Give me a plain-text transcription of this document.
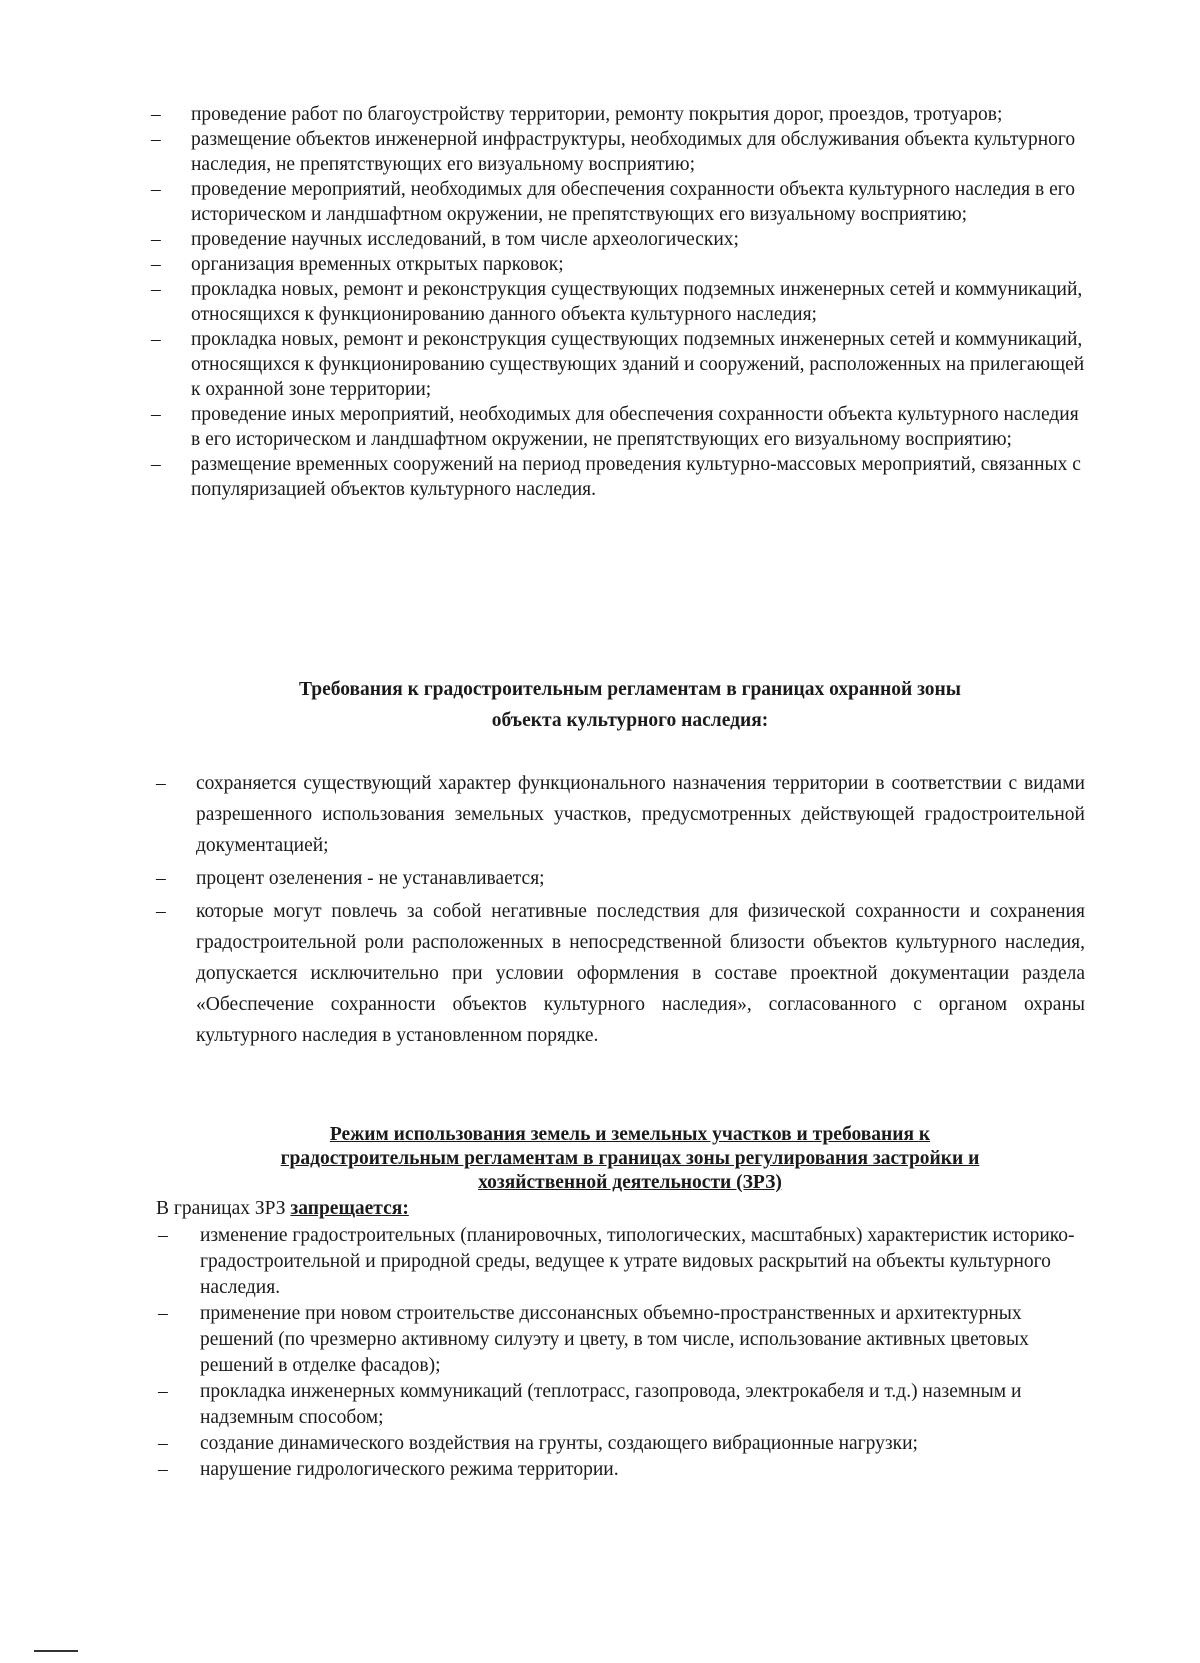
– проведение работ по благоустройству территории, ремонту покрытия дорог, проездов, тротуаров;
– размещение объектов инженерной инфраструктуры, необходимых для обслуживания объекта культурного наследия, не препятствующих его визуальному восприятию;
– проведение мероприятий, необходимых для обеспечения сохранности объекта культурного наследия в его историческом и ландшафтном окружении, не препятствующих его визуальному восприятию;
– проведение научных исследований, в том числе археологических;
– организация временных открытых парковок;
– прокладка новых, ремонт и реконструкция существующих подземных инженерных сетей и коммуникаций, относящихся к функционированию данного объекта культурного наследия;
– прокладка новых, ремонт и реконструкция существующих подземных инженерных сетей и коммуникаций, относящихся к функционированию существующих зданий и сооружений, расположенных на прилегающей к охранной зоне территории;
– проведение иных мероприятий, необходимых для обеспечения сохранности объекта культурного наследия в его историческом и ландшафтном окружении, не препятствующих его визуальному восприятию;
– размещение временных сооружений на период проведения культурно-массовых мероприятий, связанных с популяризацией объектов культурного наследия.
Требования к градостроительным регламентам в границах охранной зоны
объекта культурного наследия:
– сохраняется существующий характер функционального назначения территории в соответствии с видами разрешенного использования земельных участков, предусмотренных действующей градостроительной документацией;
– процент озеленения - не устанавливается;
– которые могут повлечь за собой негативные последствия для физической сохранности и сохранения градостроительной роли расположенных в непосредственной близости объектов культурного наследия, допускается исключительно при условии оформления в составе проектной документации раздела «Обеспечение сохранности объектов культурного наследия», согласованного с органом охраны культурного наследия в установленном порядке.
Режим использования земель и земельных участков и требования к
градостроительным регламентам в границах зоны регулирования застройки и
хозяйственной деятельности (ЗРЗ)

В границах ЗРЗ запрещается:

– изменение градостроительных (планировочных, типологических, масштабных) характеристик историко-градостроительной и природной среды, ведущее к утрате видовых раскрытий на объекты культурного наследия.
– применение при новом строительстве диссонансных объемно-пространственных и архитектурных решений (по чрезмерно активному силуэту и цвету, в том числе, использование активных цветовых решений в отделке фасадов);
– прокладка инженерных коммуникаций (теплотрасс, газопровода, электрокабеля и т.д.) наземным и надземным способом;
– создание динамического воздействия на грунты, создающего вибрационные нагрузки;
– нарушение гидрологического режима территории.
